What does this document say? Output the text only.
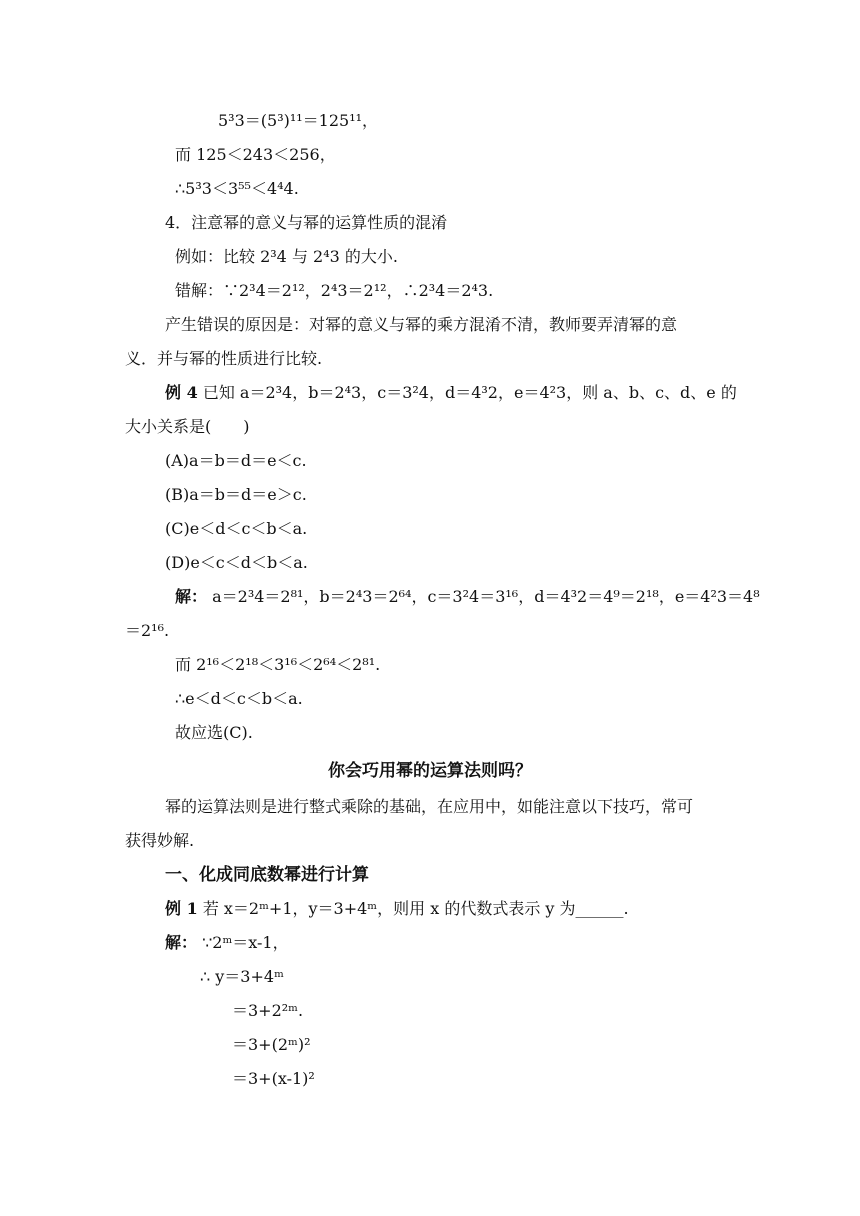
5³3＝(5³)¹¹＝125¹¹，
而 125＜243＜256，
∴5³3＜3⁵⁵＜4⁴4.
4．注意幂的意义与幂的运算性质的混淆
例如：比较 2³4 与 2⁴3 的大小.
错解：∵2³4＝2¹²，2⁴3＝2¹²，∴2³4＝2⁴3.
产生错误的原因是：对幂的意义与幂的乘方混淆不清，教师要弄清幂的意
义．并与幂的性质进行比较.
例 4 已知 a＝2³4，b＝2⁴3，c＝3²4，d＝4³2，e＝4²3，则 a、b、c、d、e 的
大小关系是(　　)
(A)a＝b＝d＝e＜c.
(B)a＝b＝d＝e＞c.
(C)e＜d＜c＜b＜a.
(D)e＜c＜d＜b＜a.
解： a＝2³4＝2⁸¹，b＝2⁴3＝2⁶⁴，c＝3²4＝3¹⁶，d＝4³2＝4⁹＝2¹⁸，e＝4²3＝4⁸
＝2¹⁶.
而 2¹⁶＜2¹⁸＜3¹⁶＜2⁶⁴＜2⁸¹.
∴e＜d＜c＜b＜a.
故应选(C).
你会巧用幂的运算法则吗？
幂的运算法则是进行整式乘除的基础，在应用中，如能注意以下技巧，常可
获得妙解.
一、化成同底数幂进行计算
例 1 若 x＝2ᵐ+1，y＝3+4ᵐ，则用 x 的代数式表示 y 为______.
解： ∵2ᵐ＝x-1，
∴ y＝3+4ᵐ
＝3+2²ᵐ.
＝3+(2ᵐ)²
＝3+(x-1)²
